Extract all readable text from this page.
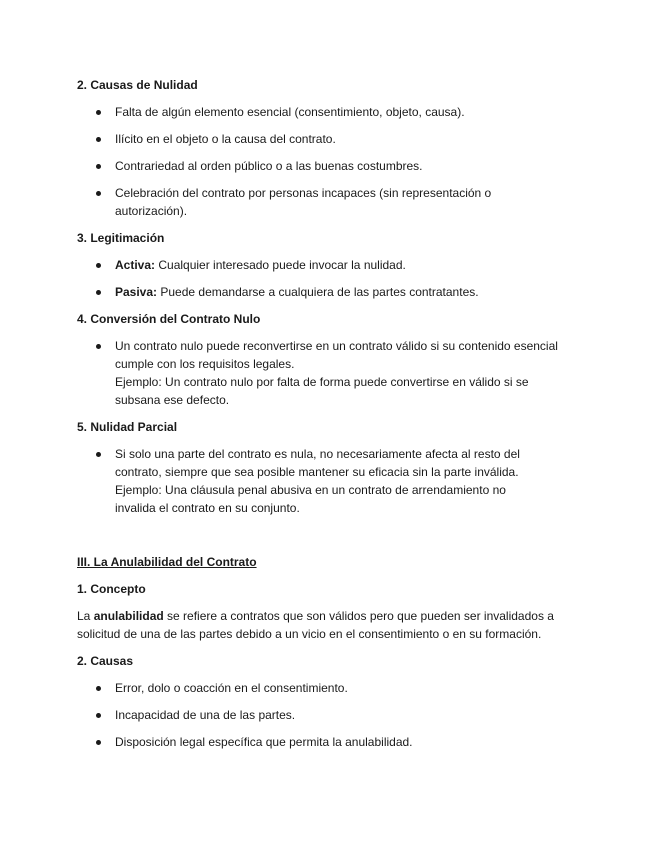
2. Causas de Nulidad
Falta de algún elemento esencial (consentimiento, objeto, causa).
Ilícito en el objeto o la causa del contrato.
Contrariedad al orden público o a las buenas costumbres.
Celebración del contrato por personas incapaces (sin representación o autorización).
3. Legitimación
Activa: Cualquier interesado puede invocar la nulidad.
Pasiva: Puede demandarse a cualquiera de las partes contratantes.
4. Conversión del Contrato Nulo
Un contrato nulo puede reconvertirse en un contrato válido si su contenido esencial cumple con los requisitos legales.
Ejemplo: Un contrato nulo por falta de forma puede convertirse en válido si se subsana ese defecto.
5. Nulidad Parcial
Si solo una parte del contrato es nula, no necesariamente afecta al resto del contrato, siempre que sea posible mantener su eficacia sin la parte inválida.
Ejemplo: Una cláusula penal abusiva en un contrato de arrendamiento no invalida el contrato en su conjunto.
III. La Anulabilidad del Contrato
1. Concepto

La anulabilidad se refiere a contratos que son válidos pero que pueden ser invalidados a solicitud de una de las partes debido a un vicio en el consentimiento o en su formación.

2. Causas
Error, dolo o coacción en el consentimiento.
Incapacidad de una de las partes.
Disposición legal específica que permita la anulabilidad.
